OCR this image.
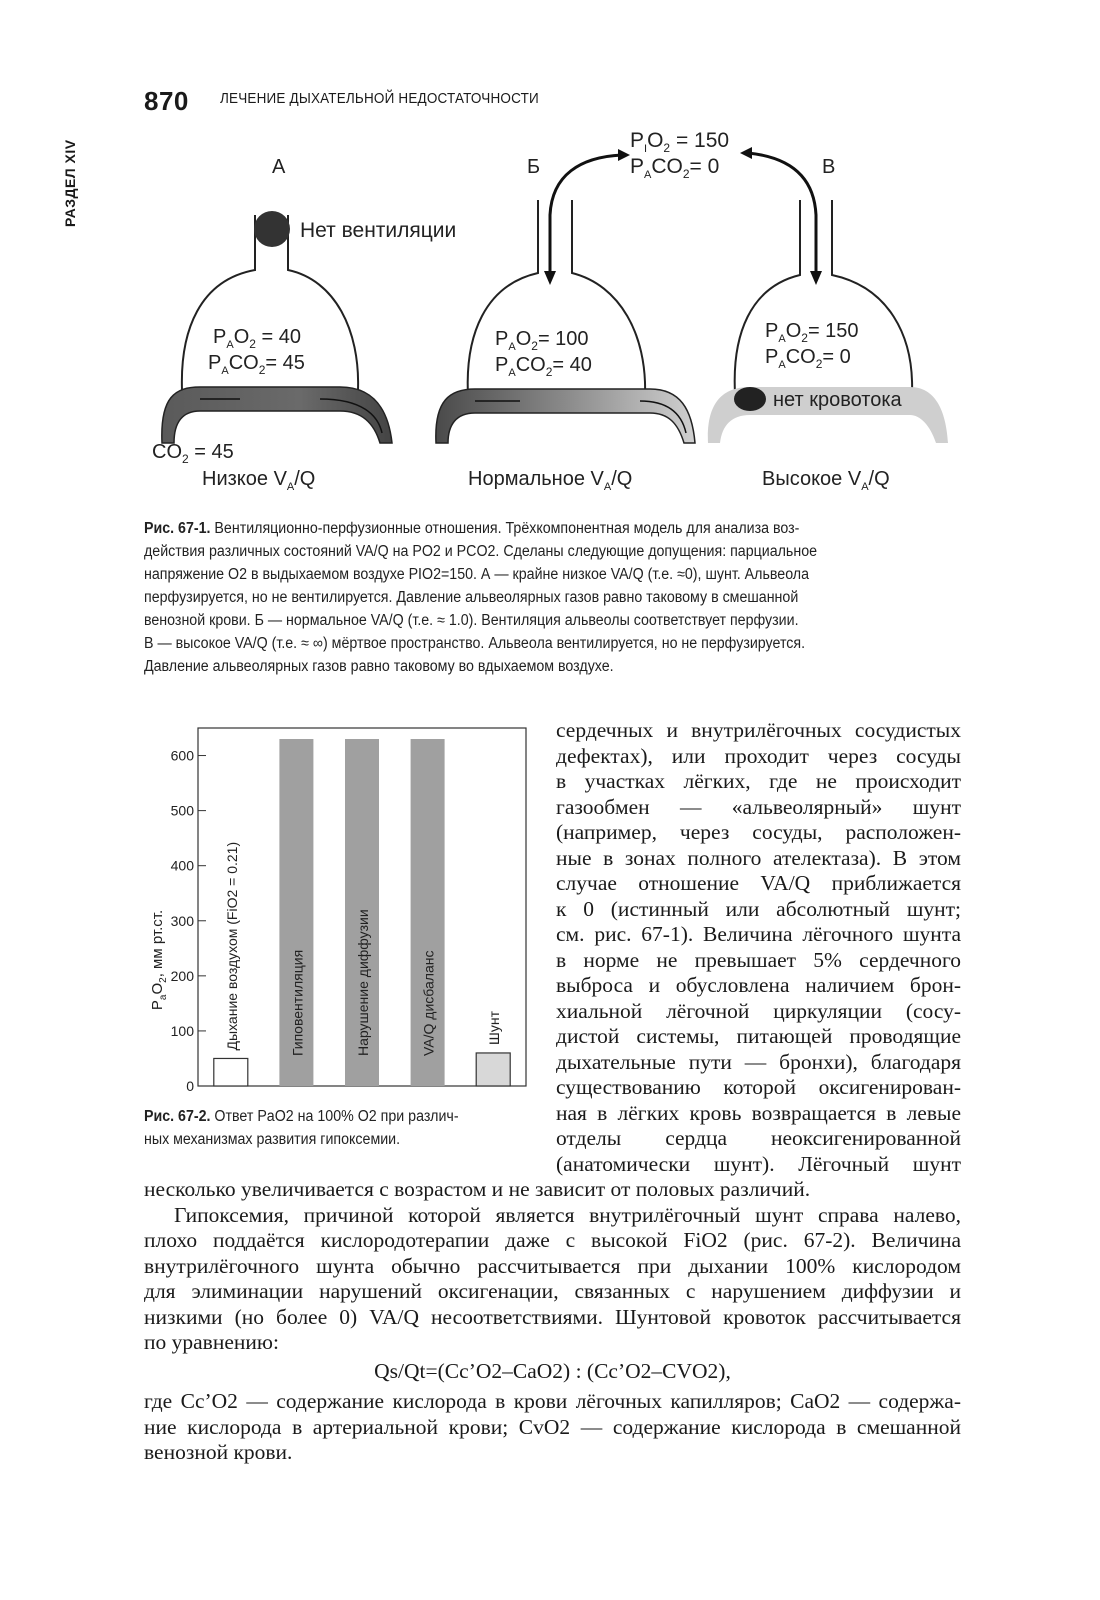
870 ЛЕЧЕНИЕ ДЫХАТЕЛЬНОЙ НЕДОСТАТОЧНОСТИ
РАЗДЕЛ XIV	А
Нет вентиляции
$P_AO_2 = 40$
$P_ACO_2= 45$
$CO_2 = 45$
Низкое $V_A/Q$
Б
$P_AO_2= 100$
$P_ACO_2= 40$
Нормальное $V_A/Q$
$P_IO_2 = 150$
$P_ACO_2= 0$	В
$P_AO_2= 150$
$P_ACO_2= 0$
нет кровотока
Высокое $V_A/Q$
Рис. 67-1. Вентиляционно-перфузионные отношения. Трёхкомпонентная модель для анализа воз-
действия различных состояний VA/Q на PO2 и PCO2. Сделаны следующие допущения: парциальное
напряжение O2 в выдыхаемом воздухе PIO2=150. А — крайне низкое VA/Q (т.е. ≈0), шунт. Альвеола
перфузируется, но не вентилируется. Давление альвеолярных газов равно таковому в смешанной
венозной крови. Б — нормальное VA/Q (т.е. ≈ 1.0). Вентиляция альвеолы соответствует перфузии.
В — высокое VA/Q (т.е. ≈ ∞) мёртвое пространство. Альвеола вентилируется, но не перфузируется.
Давление альвеолярных газов равно таковому во вдыхаемом воздухе.
$P_aO_2$, мм рт.ст.
0
100
200
300
400
500
600
Дыхание воздухом (FiO2 = 0.21)	Гиповентиляция	Нарушение диффузии	VA/Q дисбаланс	Шунт
Рис. 67-2. Ответ PaO2 на 100% O2 при различ-
ных механизмах развития гипоксемии.
сердечных и внутрилёгочных сосудистых
дефектах), или проходит через сосуды
в участках лёгких, где не происходит
газообмен — «альвеолярный» шунт
(например, через сосуды, расположен-
ные в зонах полного ателектаза). В этом
случае отношение VA/Q приближается
к 0 (истинный или абсолютный шунт;
см. рис. 67-1). Величина лёгочного шунта
в норме не превышает 5% сердечного
выброса и обусловлена наличием брон-
хиальной лёгочной циркуляции (сосу-
дистой системы, питающей проводящие
дыхательные пути — бронхи), благодаря
существованию которой оксигенирован-
ная в лёгких кровь возвращается в левые
отделы сердца неоксигенированной
(анатомически шунт). Лёгочный шунт
несколько увеличивается с возрастом и не зависит от половых различий.
Гипоксемия, причиной которой является внутрилёгочный шунт справа налево,
плохо поддаётся кислородотерапии даже с высокой FiO2 (рис. 67-2). Величина
внутрилёгочного шунта обычно рассчитывается при дыхании 100% кислородом
для элиминации нарушений оксигенации, связанных с нарушением диффузии и
низкими (но более 0) VA/Q несоответствиями. Шунтовой кровоток рассчитывается
по уравнению:
Qs/Qt=(Cc’O2–CaO2) : (Cc’O2–CVO2),
где Cc’O2 — содержание кислорода в крови лёгочных капилляров; CaO2 — содержа-
ние кислорода в артериальной крови; CvO2 — содержание кислорода в смешанной
венозной крови.
